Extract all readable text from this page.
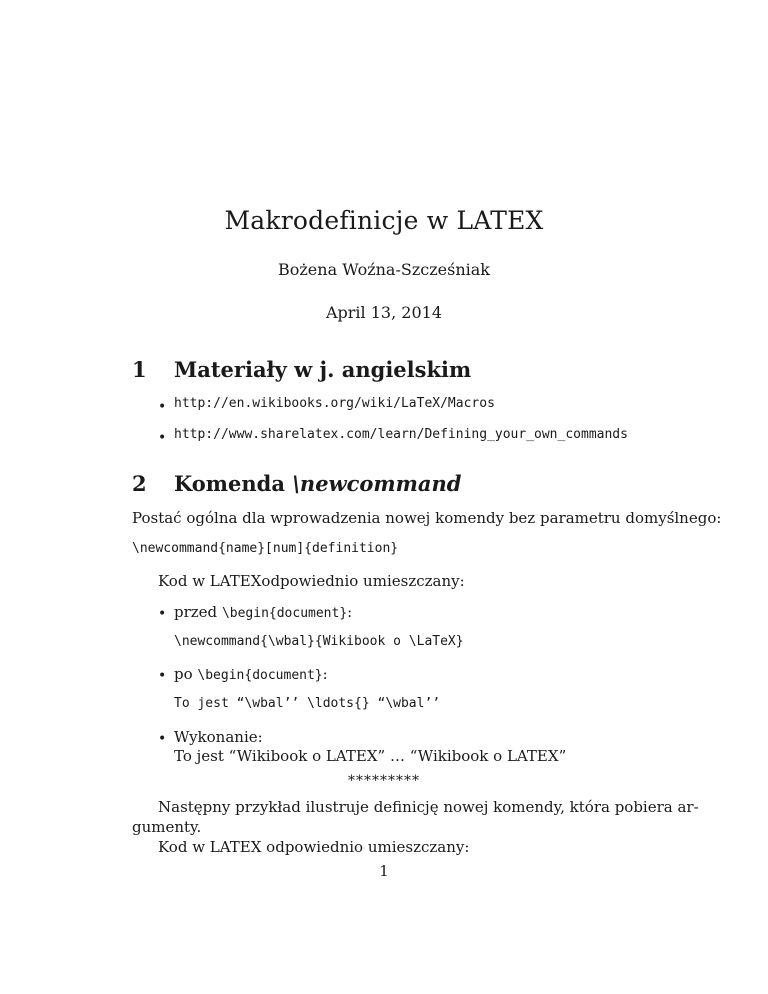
Makrodefinicje w LATEX
Bożena Woźna-Szcześniak
April 13, 2014
1 Materiały w j. angielskim
• http://en.wikibooks.org/wiki/LaTeX/Macros
• http://www.sharelatex.com/learn/Defining_your_own_commands
2 Komenda \newcommand
Postać ogólna dla wprowadzenia nowej komendy bez parametru domyślnego:
\newcommand{name}[num]{definition}
Kod w LATEXodpowiednio umieszczany:
• przed \begin{document}:
\newcommand{\wbal}{Wikibook o \LaTeX}
• po \begin{document}:
To jest “\wbal’’ \ldots{} “\wbal’’
• Wykonanie:
To jest “Wikibook o LATEX” … “Wikibook o LATEX”
*********
Następny przykład ilustruje definicję nowej komendy, która pobiera ar-
gumenty.
Kod w LATEX odpowiednio umieszczany:
1
